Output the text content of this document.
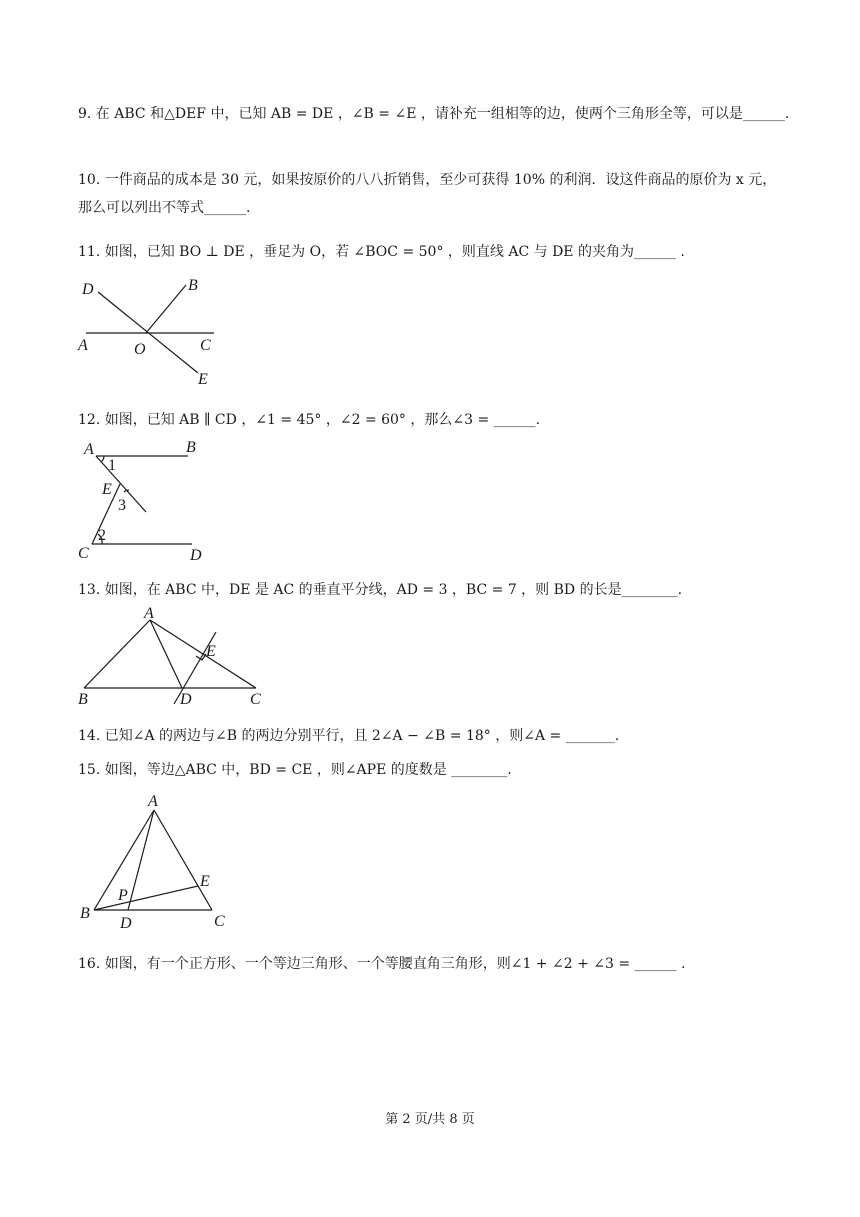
9. 在 ABC 和△DEF 中，已知 AB = DE ，∠B = ∠E ，请补充一组相等的边，使两个三角形全等，可以是______.

10. 一件商品的成本是 30 元，如果按原价的八八折销售，至少可获得 10% 的利润．设这件商品的原价为 x 元，那么可以列出不等式______.

11. 如图，已知 BO ⊥ DE ，垂足为 O，若 ∠BOC = 50° ，则直线 AC 与 DE 的夹角为______ .

D	B
A	O	C
E

12. 如图，已知 AB ∥ CD ，∠1 = 45° ，∠2 = 60° ，那么∠3 = ______.

A	B
1
E
3
2
C	D

13. 如图，在 ABC 中，DE 是 AC 的垂直平分线，AD = 3 ，BC = 7 ，则 BD 的长是________.

A
E
B	D	C

14. 已知∠A 的两边与∠B 的两边分别平行，且 2∠A − ∠B = 18° ，则∠A = _______.

15. 如图，等边△ABC 中，BD = CE ，则∠APE 的度数是 ________.

A
E
P
B
D	C

16. 如图，有一个正方形、一个等边三角形、一个等腰直角三角形，则∠1 + ∠2 + ∠3 = ______ .

第 2 页/共 8 页
